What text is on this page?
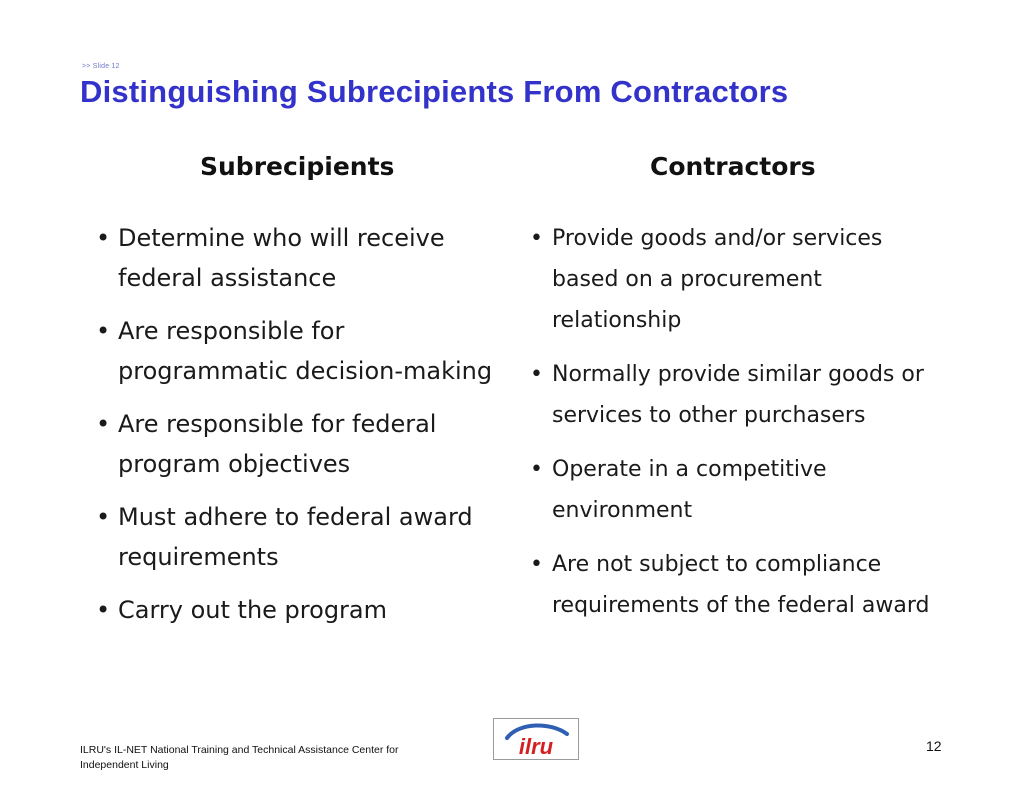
>> Slide 12
Distinguishing Subrecipients From Contractors
Subrecipients	Contractors
• Determine who will receive federal assistance
• Are responsible for programmatic decision-making
• Are responsible for federal program objectives
• Must adhere to federal award requirements
• Carry out the program
• Provide goods and/or services based on a procurement relationship
• Normally provide similar goods or services to other purchasers
• Operate in a competitive environment
• Are not subject to compliance requirements of the federal award
ILRU's IL-NET National Training and Technical Assistance Center for
Independent Living
ilru	12
